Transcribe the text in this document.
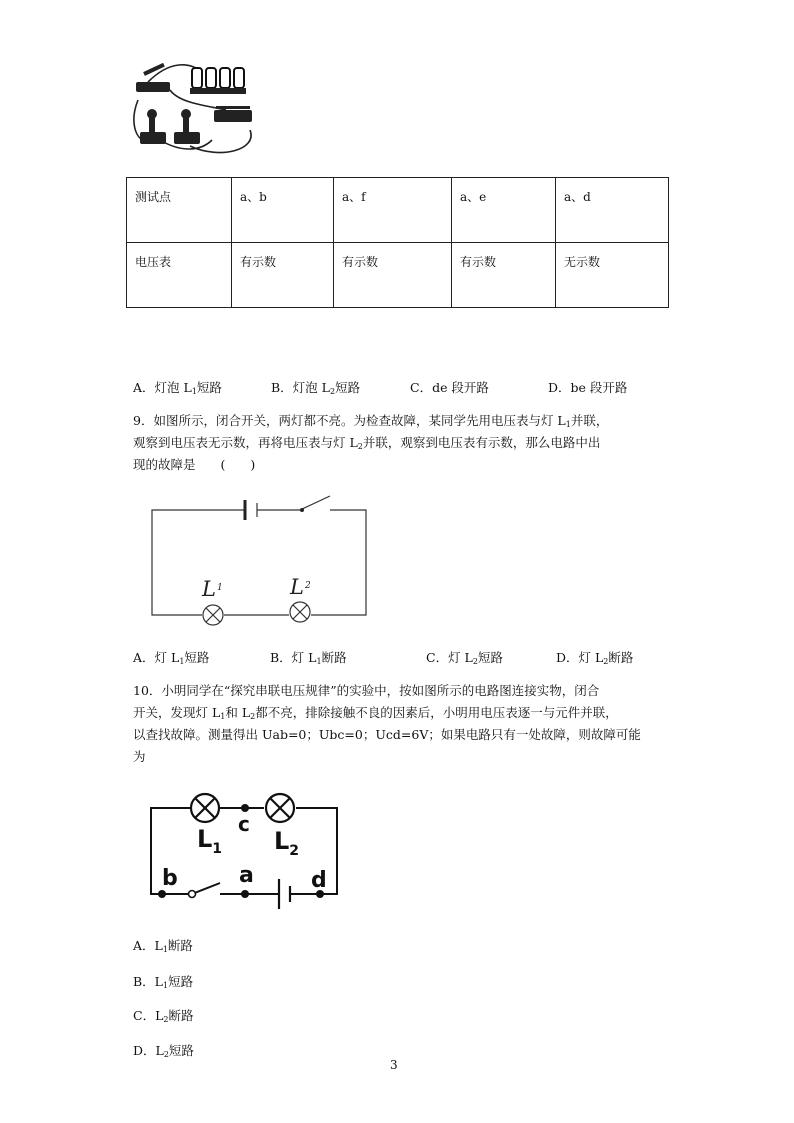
测试点	a、b	a、f	a、e	a、d
电压表	有示数	有示数	有示数	无示数
A．灯泡 $L_1$短路	B．灯泡 $L_2$短路	C．de 段开路	D．be 段开路
9．如图所示，闭合开关，两灯都不亮。为检查故障，某同学先用电压表与灯 $L_1$并联，
观察到电压表无示数，再将电压表与灯 $L_2$并联，观察到电压表有示数，那么电路中出
现的故障是　　(　　)
$L^1$	$L^2$
A．灯 $L_1$短路	B．灯 $L_1$断路	C．灯 $L_2$短路	D．灯 $L_2$断路
10．小明同学在“探究串联电压规律”的实验中，按如图所示的电路图连接实物，闭合
开关，发现灯 $L_1$和 $L_2$都不亮，排除接触不良的因素后，小明用电压表逐一与元件并联，
以查找故障。测量得出 Uab=0；Ubc=0；Ucd=6V；如果电路只有一处故障，则故障可能
为
c
b	a	d
$L_1$ $L_2$
A．$L_1$断路
B．$L_1$短路
C．$L_2$断路
D．$L_2$短路
3
